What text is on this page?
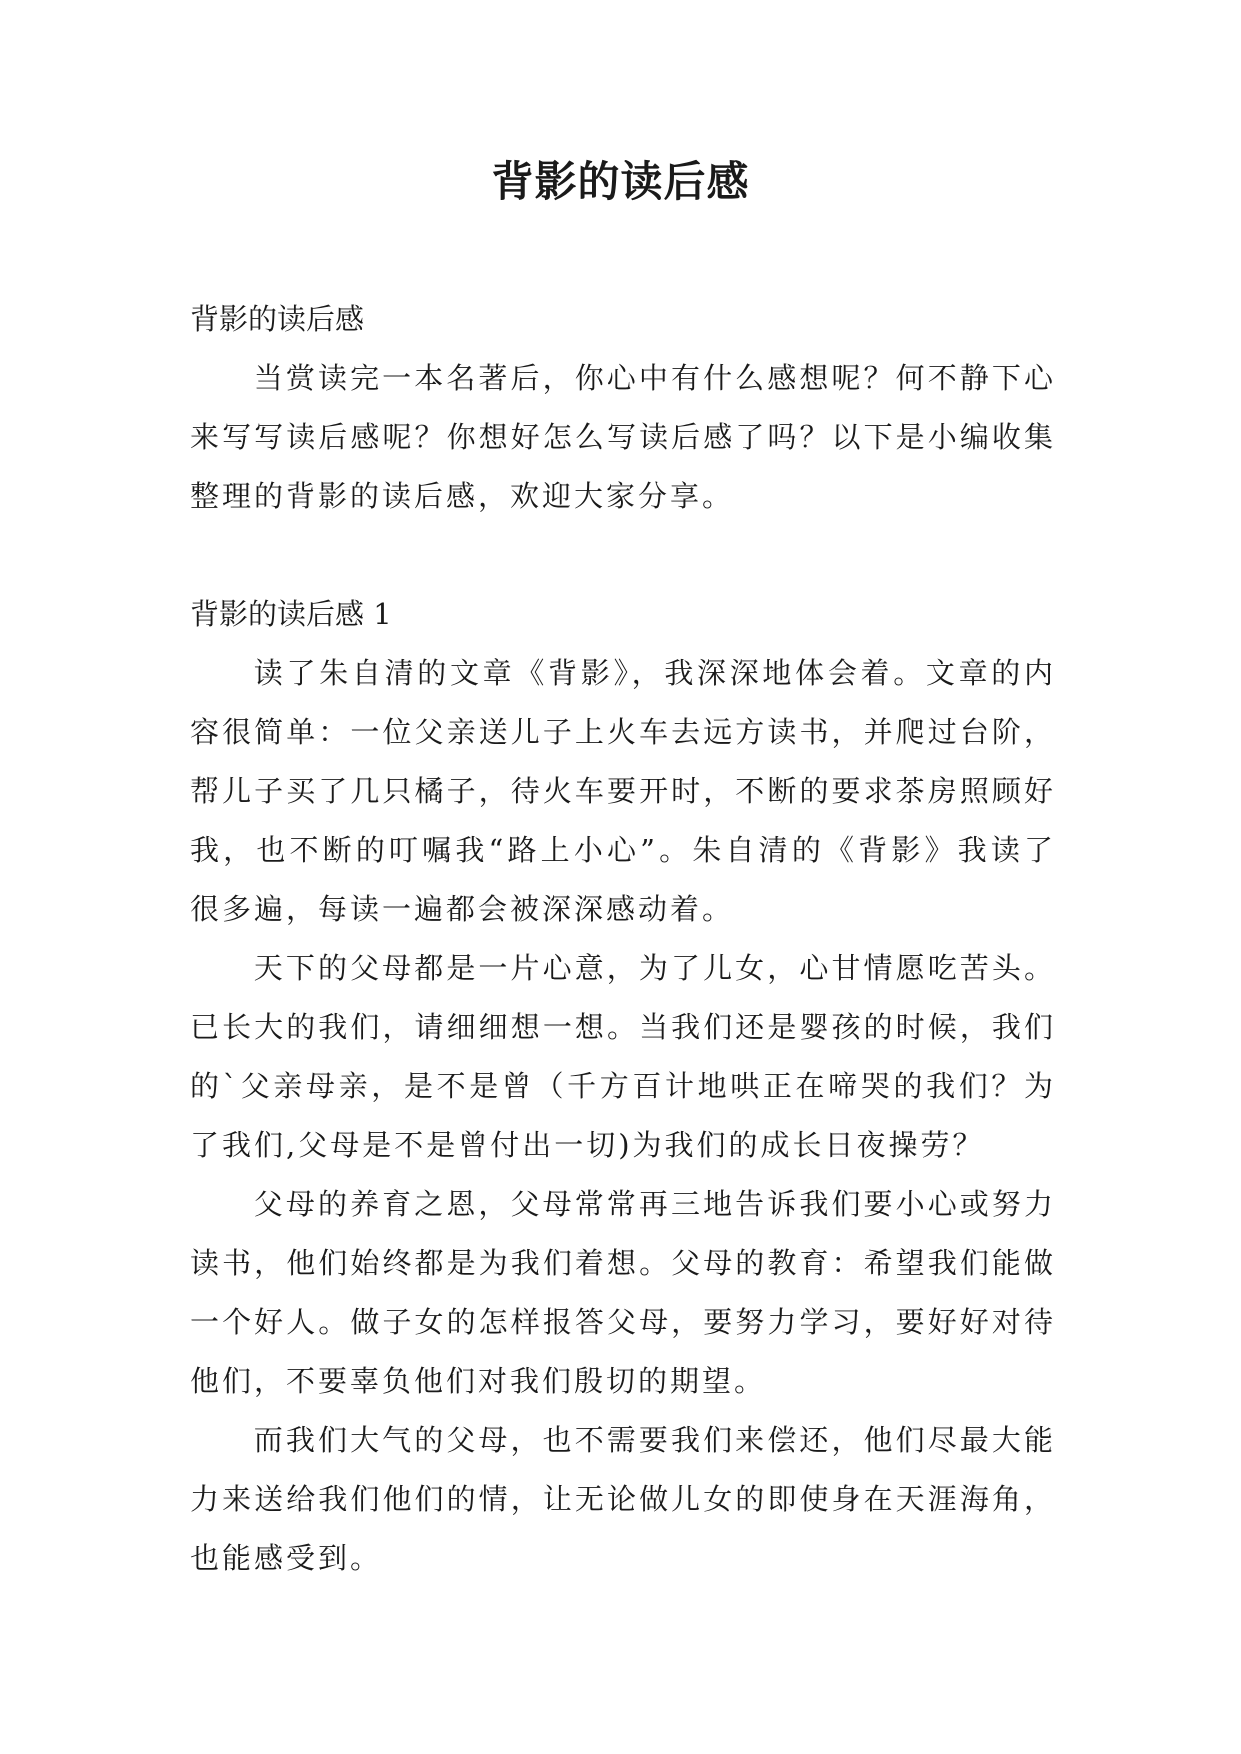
背影的读后感
背影的读后感

当赏读完一本名著后，你心中有什么感想呢？何不静下心来写写读后感呢？你想好怎么写读后感了吗？以下是小编收集整理的背影的读后感，欢迎大家分享。

背影的读后感 1

读了朱自清的文章《背影》，我深深地体会着。文章的内容很简单：一位父亲送儿子上火车去远方读书，并爬过台阶，帮儿子买了几只橘子，待火车要开时，不断的要求茶房照顾好我，也不断的叮嘱我“路上小心”。朱自清的《背影》我读了很多遍，每读一遍都会被深深感动着。

天下的父母都是一片心意，为了儿女，心甘情愿吃苦头。已长大的我们，请细细想一想。当我们还是婴孩的时候，我们的`父亲母亲，是不是曾（千方百计地哄正在啼哭的我们？为了我们,父母是不是曾付出一切)为我们的成长日夜操劳？

父母的养育之恩，父母常常再三地告诉我们要小心或努力读书，他们始终都是为我们着想。父母的教育：希望我们能做一个好人。做子女的怎样报答父母，要努力学习，要好好对待他们，不要辜负他们对我们殷切的期望。

而我们大气的父母，也不需要我们来偿还，他们尽最大能力来送给我们他们的情，让无论做儿女的即使身在天涯海角，也能感受到。
